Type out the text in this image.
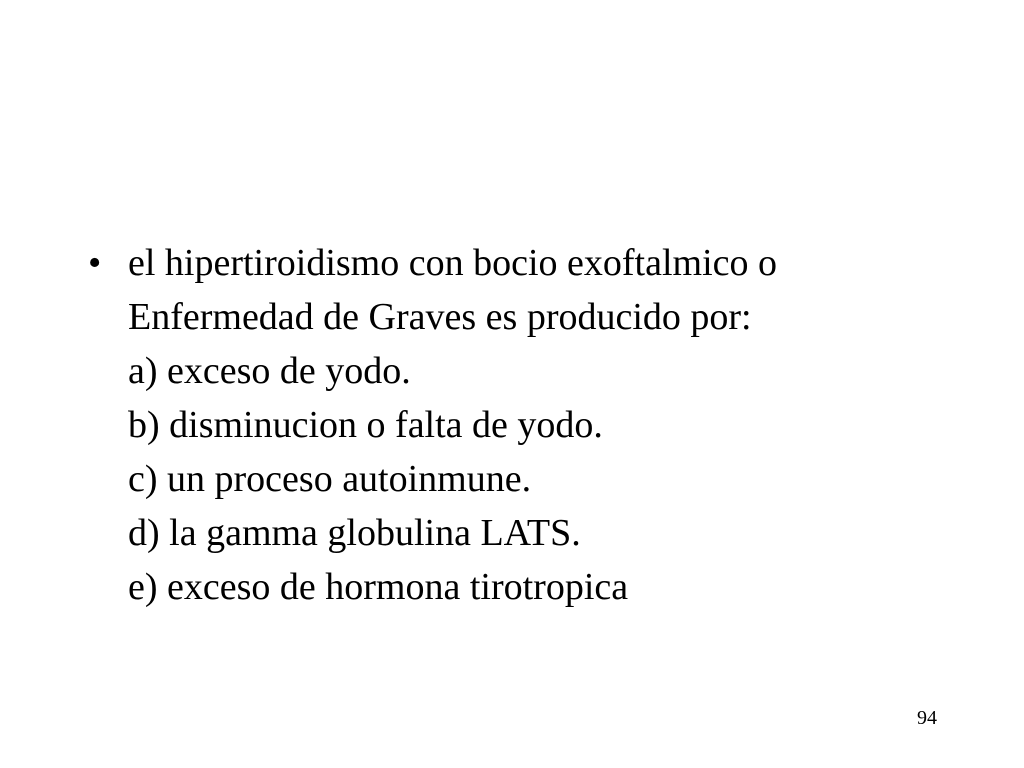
• el hipertiroidismo con bocio exoftalmico o
Enfermedad de Graves es producido por:
a) exceso de yodo.
b) disminucion o falta de yodo.
c) un proceso autoinmune.
d) la gamma globulina LATS.
e) exceso de hormona tirotropica
94
